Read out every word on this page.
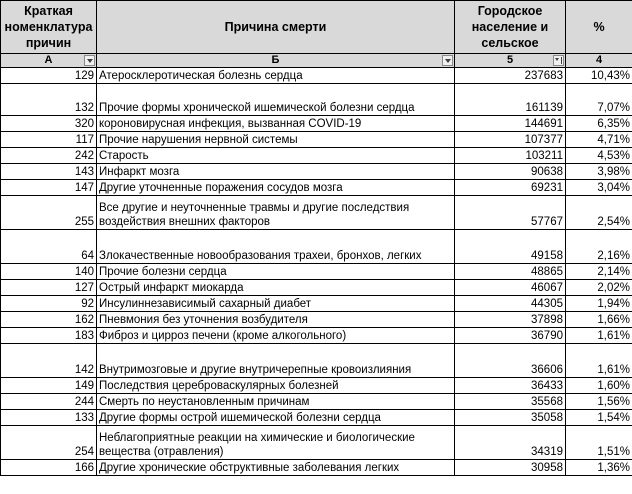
Краткая номенклатура причин	Причина смерти	Городское население и сельское	%
А	Б	5	4
129	Атеросклеротическая болезнь сердца	237683	10,43%
132	Прочие формы хронической ишемической болезни сердца	161139	7,07%
320	короновирусная инфекция, вызванная COVID-19	144691	6,35%
117	Прочие нарушения нервной системы	107377	4,71%
242	Старость	103211	4,53%
143	Инфаркт мозга	90638	3,98%
147	Другие уточненные поражения сосудов мозга	69231	3,04%
255	Все другие и неуточненные травмы и другие последствия воздействия внешних факторов	57767	2,54%
64	Злокачественные новообразования трахеи, бронхов, легких	49158	2,16%
140	Прочие болезни сердца	48865	2,14%
127	Острый инфаркт миокарда	46067	2,02%
92	Инсулиннезависимый сахарный диабет	44305	1,94%
162	Пневмония без уточнения возбудителя	37898	1,66%
183	Фиброз и цирроз печени (кроме алкогольного)	36790	1,61%
142	Внутримозговые и другие внутричерепные кровоизлияния	36606	1,61%
149	Последствия цереброваскулярных болезней	36433	1,60%
244	Смерть по неустановленным причинам	35568	1,56%
133	Другие формы острой ишемической болезни сердца	35058	1,54%
254	Неблагоприятные реакции на химические и биологические вещества (отравления)	34319	1,51%
166	Другие хронические обструктивные заболевания легких	30958	1,36%
